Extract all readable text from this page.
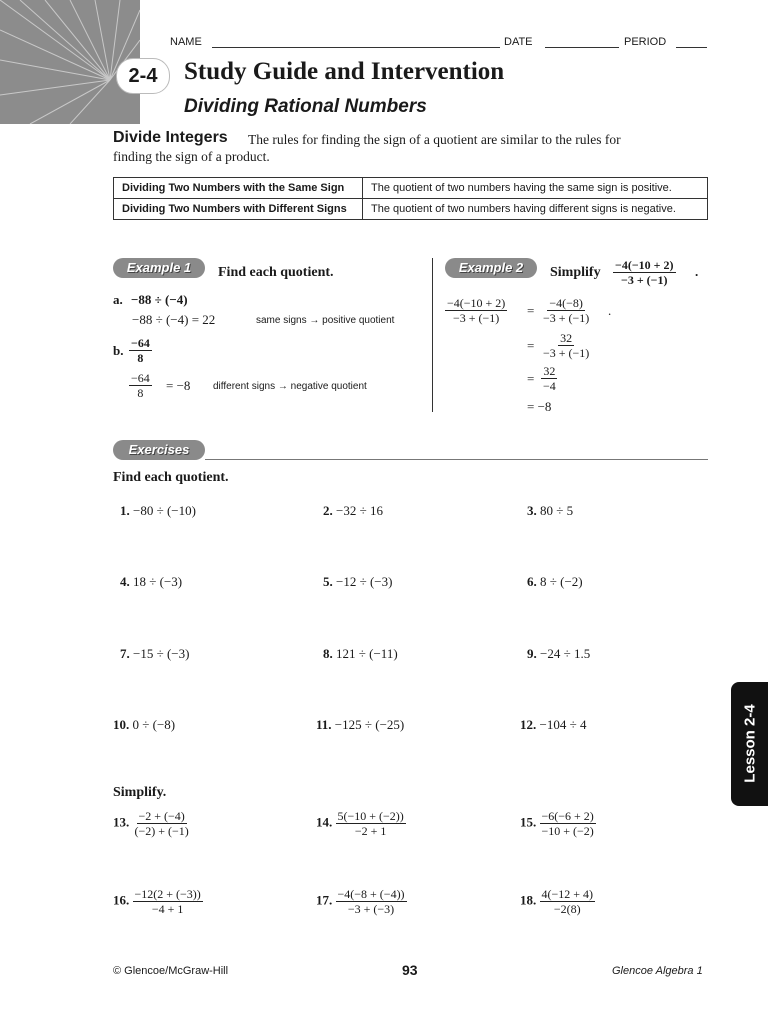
2-4
NAME	DATE	PERIOD
Study Guide and Intervention
Dividing Rational Numbers
Divide Integers The rules for finding the sign of a quotient are similar to the rules for
finding the sign of a product.
Dividing Two Numbers with the Same Sign	The quotient of two numbers having the same sign is positive.
Dividing Two Numbers with Different Signs	The quotient of two numbers having different signs is negative.
Example 1	Find each quotient.
a. −88 ÷ (−4)
−88 ÷ (−4) = 22	same signs → positive quotient
b. $\frac{-64}{8}$
$\frac{-64}{8} = -8$ different signs → negative quotient
Example 2	Simplify $\frac{-4(-10 + 2)}{-3 + (-1)}$ .
$\frac{-4(-10 + 2)}{-3 + (-1)} = \frac{-4(-8)}{-3 + (-1)}$ .
= $\frac{32}{-3 + (-1)}$
= $\frac{32}{-4}$
= −8
Exercises
Find each quotient.
1. −80 ÷ (−10)	2. −32 ÷ 16	3. 80 ÷ 5
4. 18 ÷ (−3)	5. −12 ÷ (−3)	6. 8 ÷ (−2)
7. −15 ÷ (−3)	8. 121 ÷ (−11)	9. −24 ÷ 1.5
10. 0 ÷ (−8)	11. −125 ÷ (−25)	12. −104 ÷ 4
Simplify.
13. $\frac{-2 + (-4)}{(-2) + (-1)}$	14. $\frac{5(-10 + (-2))}{-2 + 1}$	15. $\frac{-6(-6 + 2)}{-10 + (-2)}$
16. $\frac{-12(2 + (-3))}{-4 + 1}$	17. $\frac{-4(-8 + (-4))}{-3 + (-3)}$	18. $\frac{4(-12 + 4)}{-2(8)}$
Lesson 2-4
© Glencoe/McGraw-Hill	93	Glencoe Algebra 1
